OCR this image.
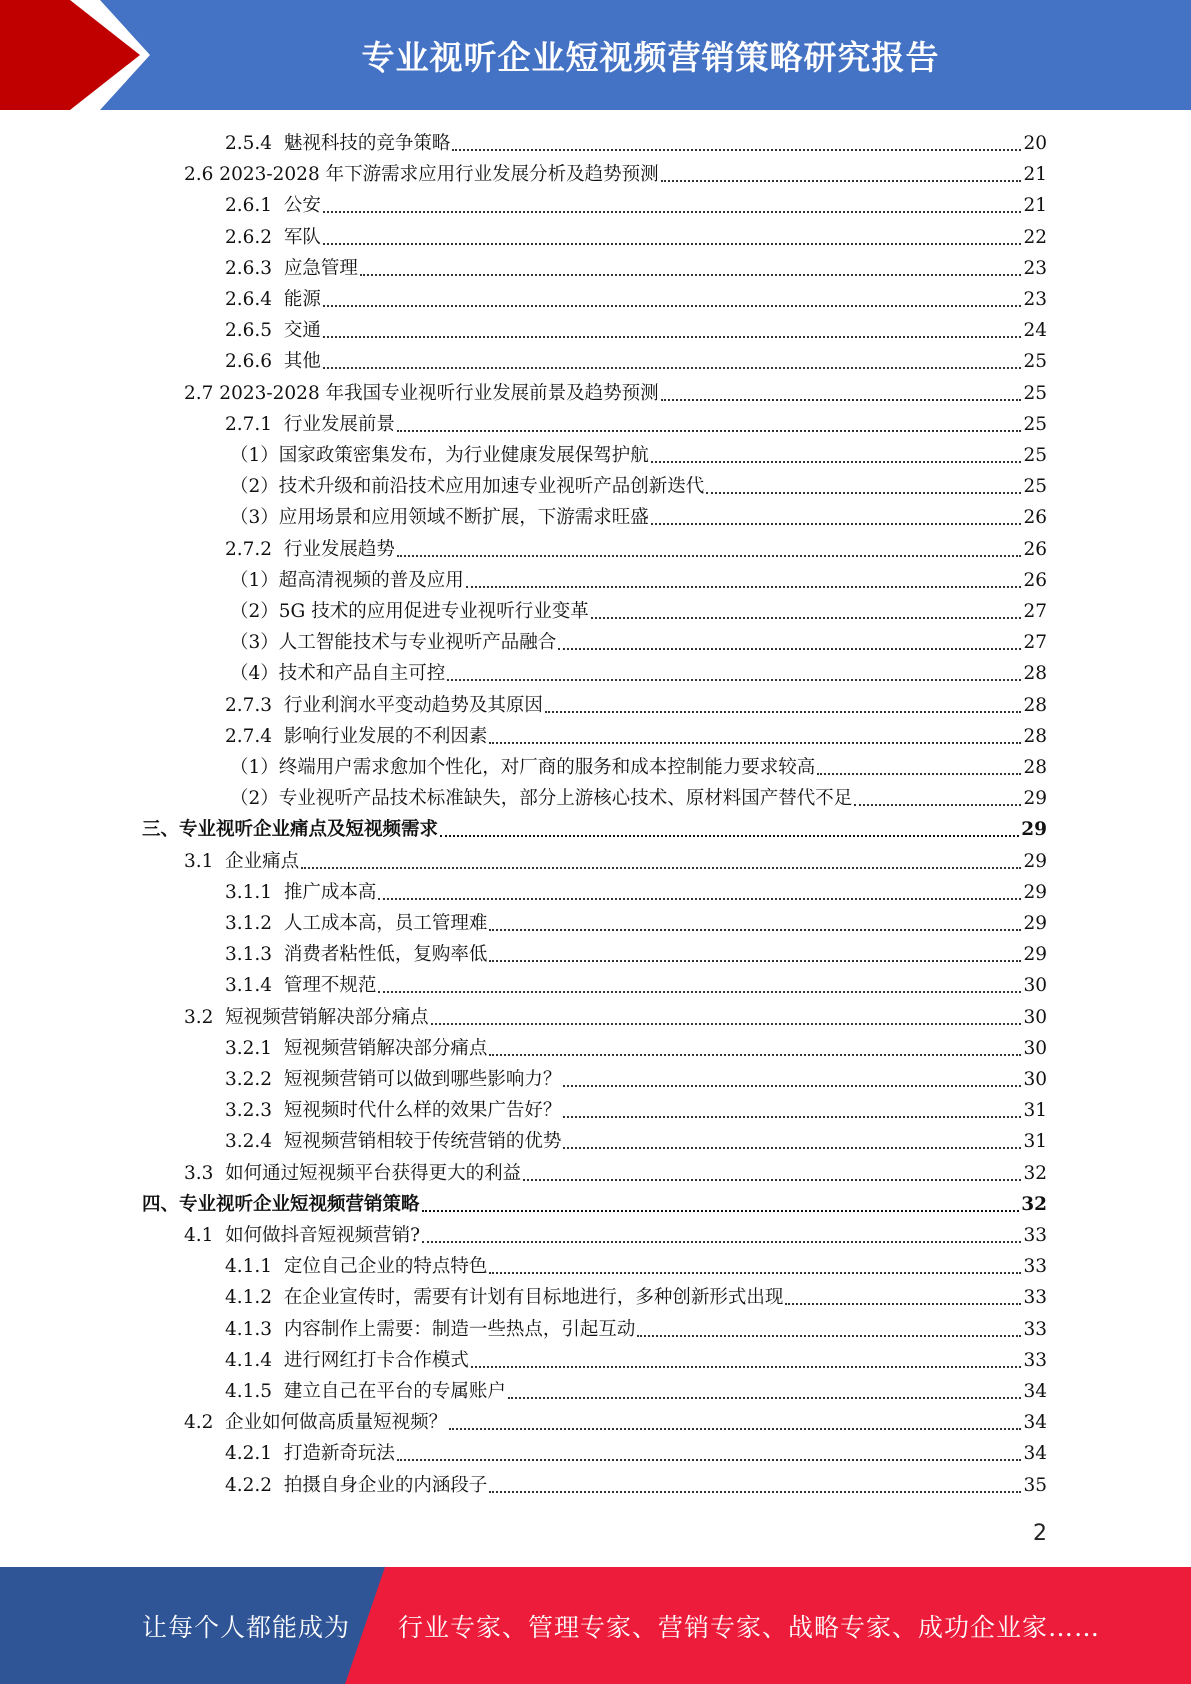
专业视听企业短视频营销策略研究报告
2.5.4  魅视科技的竞争策略	20
2.6 2023-2028 年下游需求应用行业发展分析及趋势预测	21
2.6.1  公安	21
2.6.2  军队	22
2.6.3  应急管理	23
2.6.4  能源	23
2.6.5  交通	24
2.6.6  其他	25
2.7 2023-2028 年我国专业视听行业发展前景及趋势预测	25
2.7.1  行业发展前景	25
（1）国家政策密集发布，为行业健康发展保驾护航	25
（2）技术升级和前沿技术应用加速专业视听产品创新迭代	25
（3）应用场景和应用领域不断扩展，下游需求旺盛	26
2.7.2  行业发展趋势	26
（1）超高清视频的普及应用	26
（2）5G 技术的应用促进专业视听行业变革	27
（3）人工智能技术与专业视听产品融合	27
（4）技术和产品自主可控	28
2.7.3  行业利润水平变动趋势及其原因	28
2.7.4  影响行业发展的不利因素	28
（1）终端用户需求愈加个性化，对厂商的服务和成本控制能力要求较高	28
（2）专业视听产品技术标准缺失，部分上游核心技术、原材料国产替代不足	29
三、专业视听企业痛点及短视频需求	29
3.1  企业痛点	29
3.1.1  推广成本高	29
3.1.2  人工成本高，员工管理难	29
3.1.3  消费者粘性低，复购率低	29
3.1.4  管理不规范	30
3.2  短视频营销解决部分痛点	30
3.2.1  短视频营销解决部分痛点	30
3.2.2  短视频营销可以做到哪些影响力？	30
3.2.3  短视频时代什么样的效果广告好？	31
3.2.4  短视频营销相较于传统营销的优势	31
3.3  如何通过短视频平台获得更大的利益	32
四、专业视听企业短视频营销策略	32
4.1  如何做抖音短视频营销?	33
4.1.1  定位自己企业的特点特色	33
4.1.2  在企业宣传时，需要有计划有目标地进行，多种创新形式出现	33
4.1.3  内容制作上需要：制造一些热点，引起互动	33
4.1.4  进行网红打卡合作模式	33
4.1.5  建立自己在平台的专属账户	34
4.2  企业如何做高质量短视频？	34
4.2.1  打造新奇玩法	34
4.2.2  拍摄自身企业的内涵段子	35
2
让每个人都能成为 行业专家、管理专家、营销专家、战略专家、成功企业家……
